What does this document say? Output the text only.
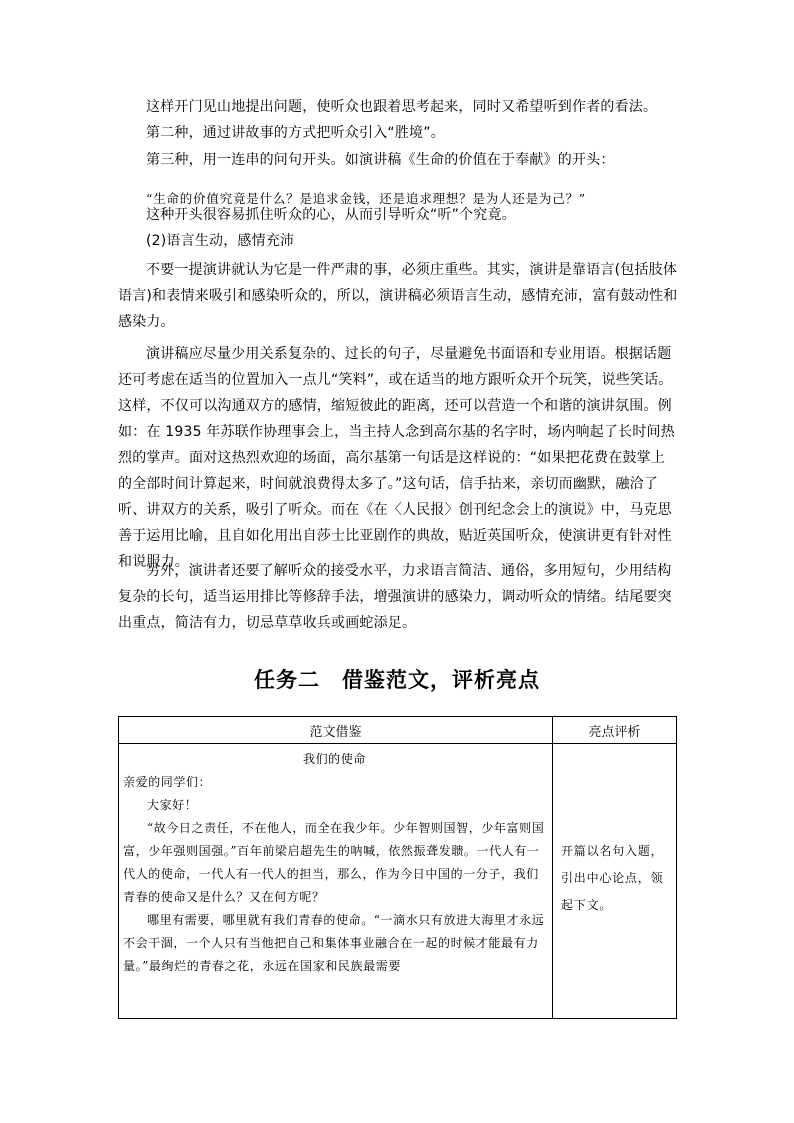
这样开门见山地提出问题，使听众也跟着思考起来，同时又希望听到作者的看法。

第二种，通过讲故事的方式把听众引入“胜境”。

第三种，用一连串的问句开头。如演讲稿《生命的价值在于奉献》的开头：

“生命的价值究竟是什么？是追求金钱，还是追求理想？是为人还是为己？”

这种开头很容易抓住听众的心，从而引导听众“听”个究竟。

(2)语言生动，感情充沛

不要一提演讲就认为它是一件严肃的事，必须庄重些。其实，演讲是靠语言(包括肢体语言)和表情来吸引和感染听众的，所以，演讲稿必须语言生动，感情充沛，富有鼓动性和感染力。

演讲稿应尽量少用关系复杂的、过长的句子，尽量避免书面语和专业用语。根据话题还可考虑在适当的位置加入一点儿“笑料”，或在适当的地方跟听众开个玩笑，说些笑话。这样，不仅可以沟通双方的感情，缩短彼此的距离，还可以营造一个和谐的演讲氛围。例如：在 1935 年苏联作协理事会上，当主持人念到高尔基的名字时，场内响起了长时间热烈的掌声。面对这热烈欢迎的场面，高尔基第一句话是这样说的：“如果把花费在鼓掌上的全部时间计算起来，时间就浪费得太多了。”这句话，信手拈来，亲切而幽默，融洽了听、讲双方的关系，吸引了听众。而在《在〈人民报〉创刊纪念会上的演说》中，马克思善于运用比喻，且自如化用出自莎士比亚剧作的典故，贴近英国听众，使演讲更有针对性和说服力。

另外，演讲者还要了解听众的接受水平，力求语言简洁、通俗，多用短句，少用结构复杂的长句，适当运用排比等修辞手法，增强演讲的感染力，调动听众的情绪。结尾要突出重点，简洁有力，切忌草草收兵或画蛇添足。

任务二　借鉴范文，评析亮点
范文借鉴	亮点评析

我们的使命
亲爱的同学们：
大家好！
“故今日之责任，不在他人，而全在我少年。少年智则国智，少年富则国富，少年强则国强。”百年前梁启超先生的呐喊，依然振聋发聩。一代人有一代人的使命，一代人有一代人的担当，那么，作为今日中国的一分子，我们青春的使命又是什么？又在何方呢？
哪里有需要，哪里就有我们青春的使命。“一滴水只有放进大海里才永远不会干涸，一个人只有当他把自己和集体事业融合在一起的时候才能最有力量。”最绚烂的青春之花，永远在国家和民族最需要	开篇以名句入题，引出中心论点，领起下文。
